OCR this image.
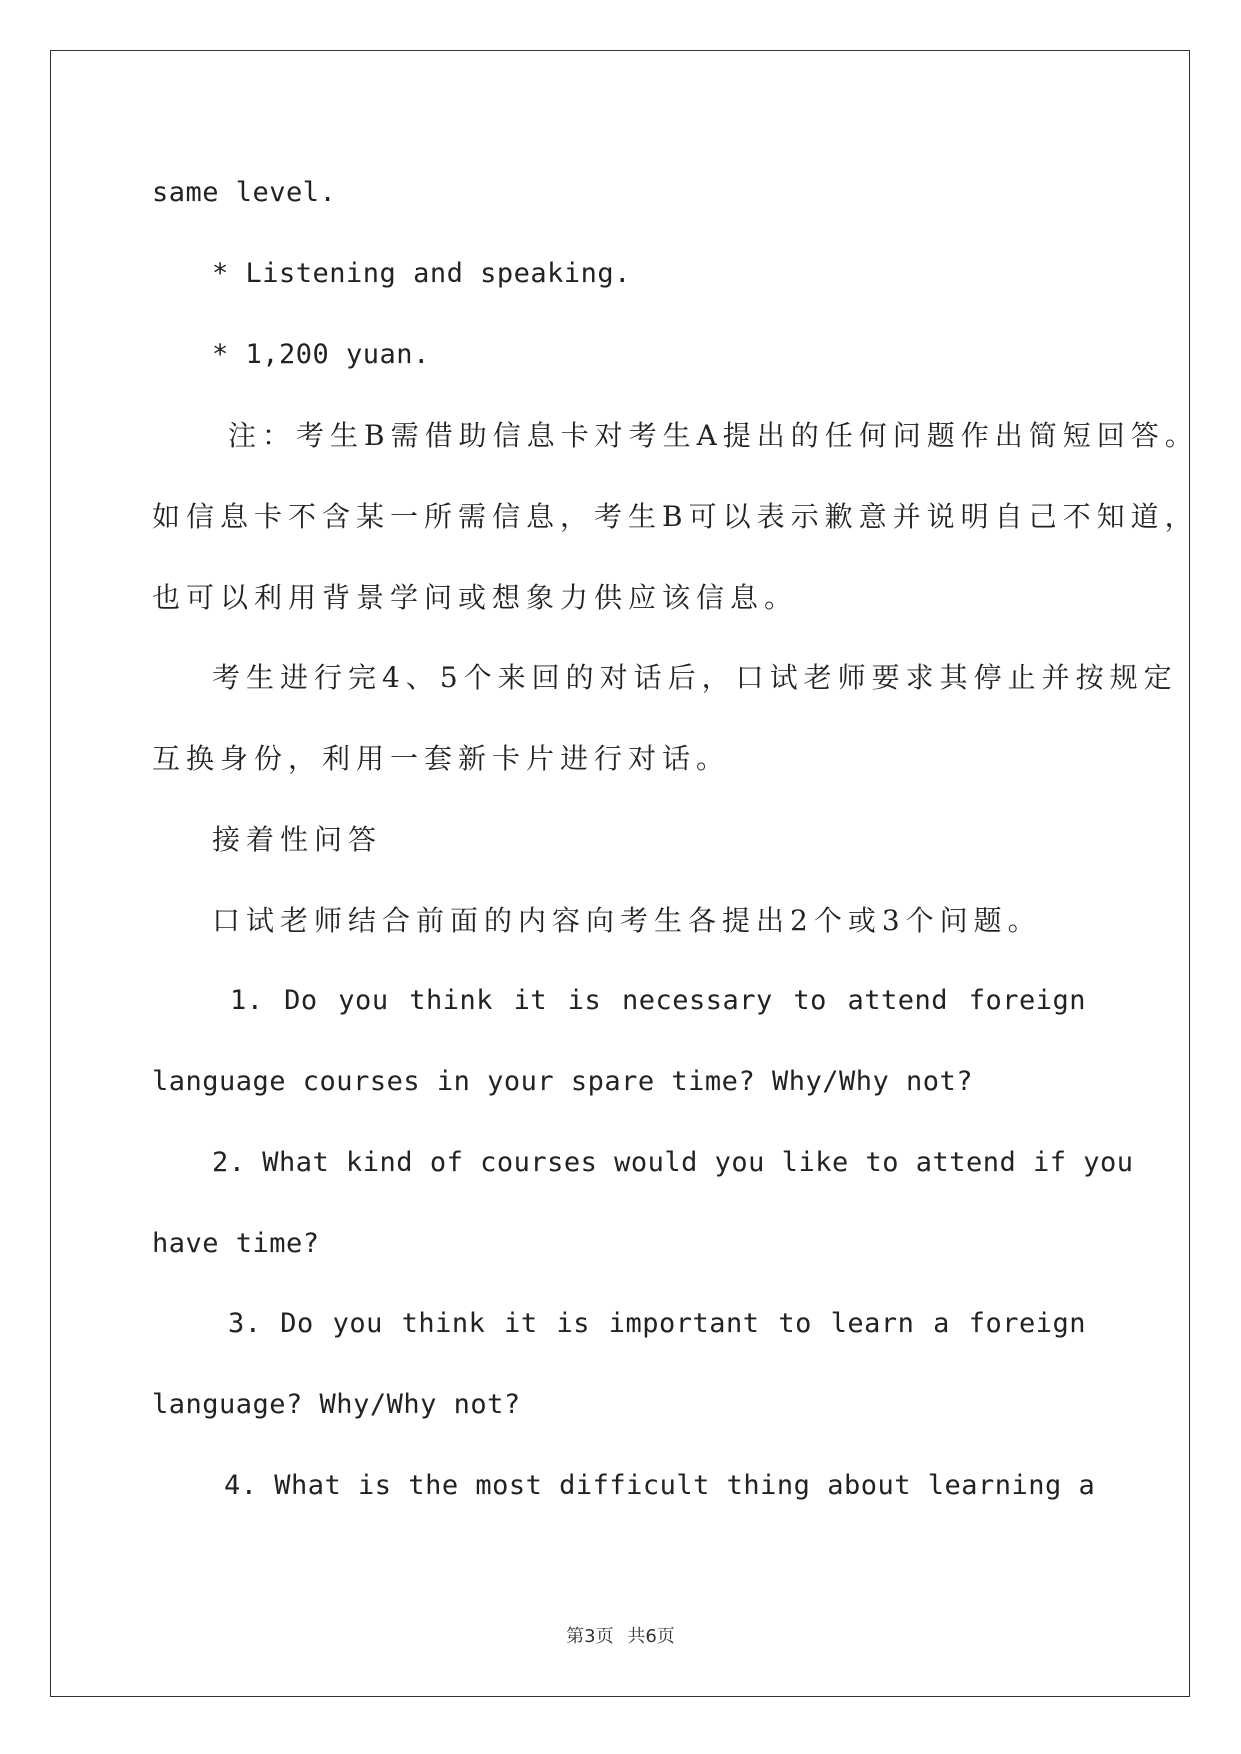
same level.
* Listening and speaking.
* 1,200 yuan.
注：考生B需借助信息卡对考生A提出的任何问题作出简短回答。
如信息卡不含某一所需信息，考生B可以表示歉意并说明自己不知道，
也可以利用背景学问或想象力供应该信息。
考生进行完4、5个来回的对话后，口试老师要求其停止并按规定
互换身份，利用一套新卡片进行对话。
接着性问答
口试老师结合前面的内容向考生各提出2个或3个问题。
1. Do you think it is necessary to attend foreign
language courses in your spare time? Why/Why not?
2. What kind of courses would you like to attend if you
have time?
3. Do you think it is important to learn a foreign
language? Why/Why not?
4. What is the most difficult thing about learning a
第3页 共6页
